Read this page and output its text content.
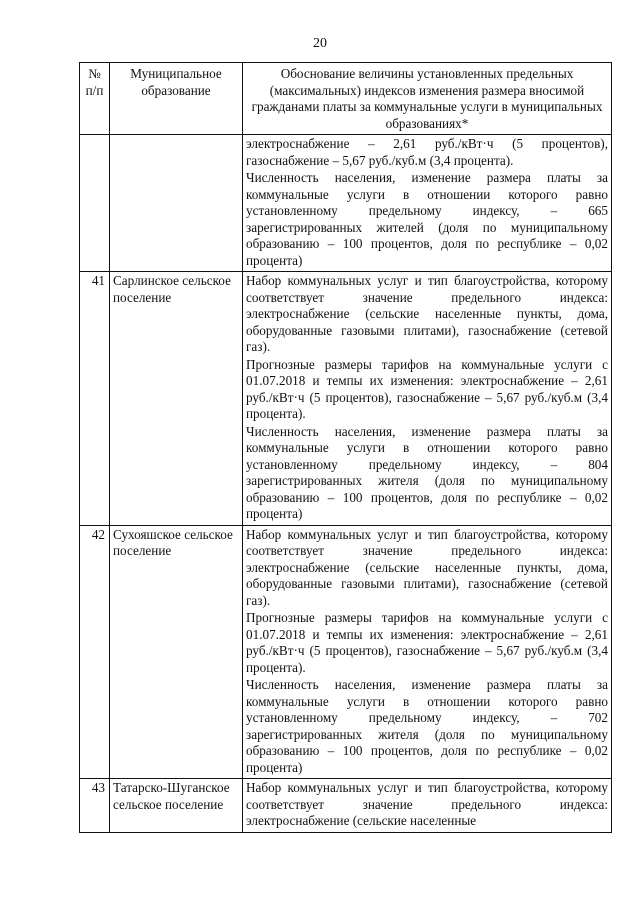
20
№ п/п	Муниципальное образование	Обоснование величины установленных предельных (максимальных) индексов изменения размера вносимой гражданами платы за коммунальные услуги в муниципальных образованиях*

		электроснабжение – 2,61 руб./кВт·ч (5 процентов), газоснабжение – 5,67 руб./куб.м (3,4 процента).

Численность населения, изменение размера платы за коммунальные услуги в отношении которого равно установленному предельному индексу, – 665 зарегистрированных жителей (доля по муниципальному образованию – 100 процентов, доля по республике – 0,02 процента)

41	Сарлинское сельское поселение	Набор коммунальных услуг и тип благоустройства, которому соответствует значение предельного индекса: электроснабжение (сельские населенные пункты, дома, оборудованные газовыми плитами), газоснабжение (сетевой газ).

Прогнозные размеры тарифов на коммунальные услуги с 01.07.2018 и темпы их изменения: электроснабжение – 2,61 руб./кВт·ч (5 процентов), газоснабжение – 5,67 руб./куб.м (3,4 процента).

Численность населения, изменение размера платы за коммунальные услуги в отношении которого равно установленному предельному индексу, – 804 зарегистрированных жителя (доля по муниципальному образованию – 100 процентов, доля по республике – 0,02 процента)

42	Сухояшское сельское поселение	Набор коммунальных услуг и тип благоустройства, которому соответствует значение предельного индекса: электроснабжение (сельские населенные пункты, дома, оборудованные газовыми плитами), газоснабжение (сетевой газ).

Прогнозные размеры тарифов на коммунальные услуги с 01.07.2018 и темпы их изменения: электроснабжение – 2,61 руб./кВт·ч (5 процентов), газоснабжение – 5,67 руб./куб.м (3,4 процента).

Численность населения, изменение размера платы за коммунальные услуги в отношении которого равно установленному предельному индексу, – 702 зарегистрированных жителя (доля по муниципальному образованию – 100 процентов, доля по республике – 0,02 процента)

43	Татарско-Шуганское сельское поселение	Набор коммунальных услуг и тип благоустройства, которому соответствует значение предельного индекса: электроснабжение (сельские населенные
